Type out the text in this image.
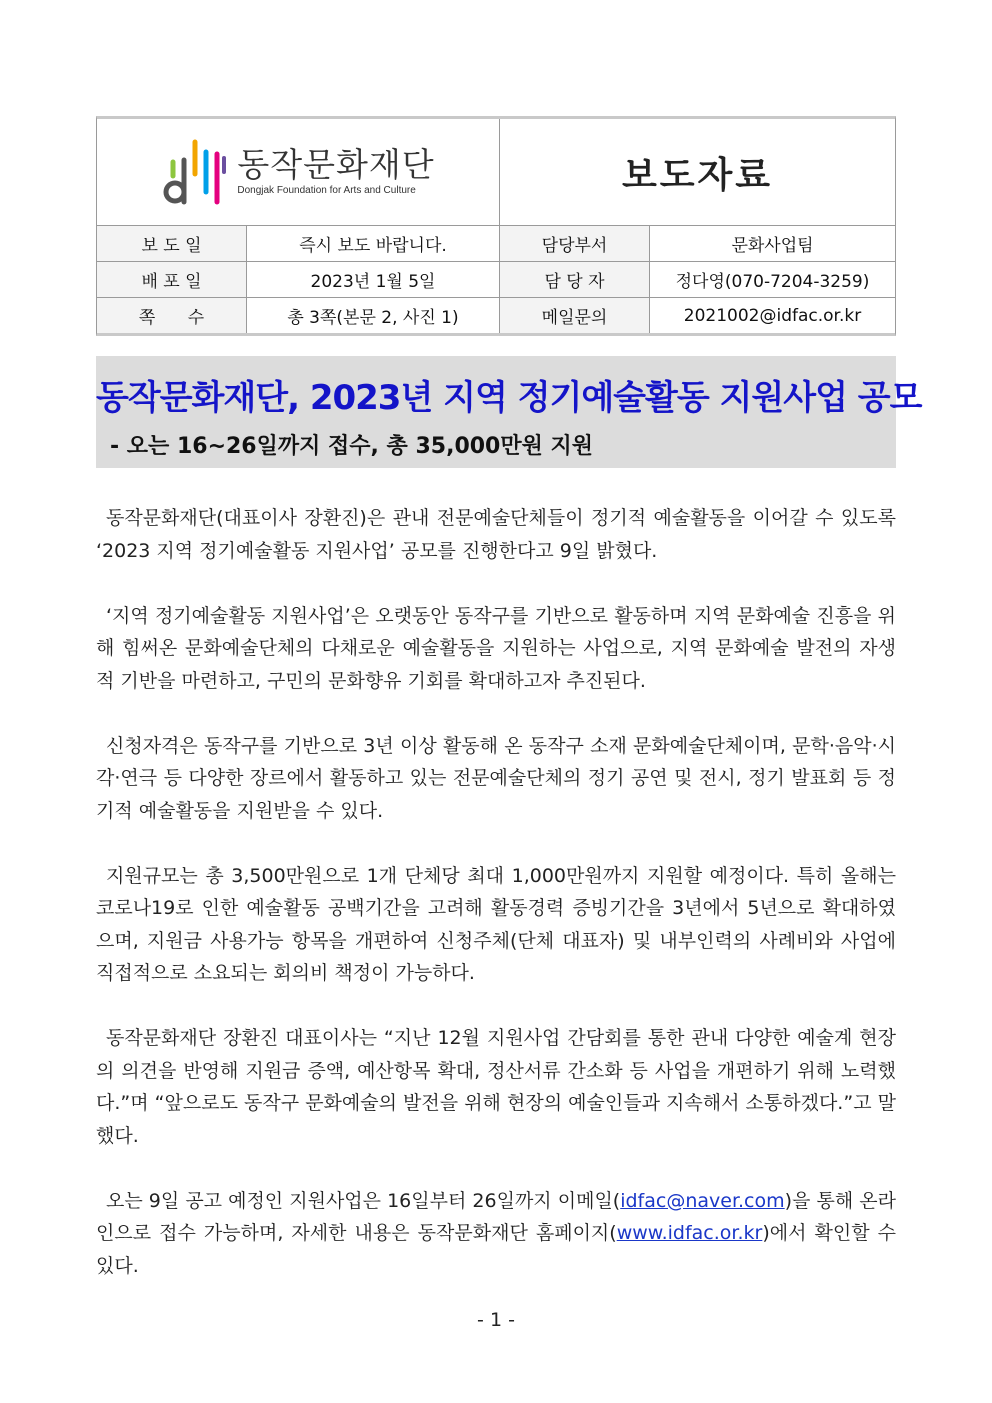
동작문화재단
Dongjak Foundation for Arts and Culture	보도자료
보 도 일	즉시 보도 바랍니다.	담당부서	문화사업팀
배 포 일	2023년 1월 5일	담 당 자	정다영(070-7204-3259)
쪽      수	총 3쪽(본문 2, 사진 1)	메일문의	2021002@idfac.or.kr
동작문화재단, 2023년 지역 정기예술활동 지원사업 공모
- 오는 16~26일까지 접수, 총 35,000만원 지원

동작문화재단(대표이사 장환진)은 관내 전문예술단체들이 정기적 예술활동을 이어갈 수 있도록 ‘2023 지역 정기예술활동 지원사업’ 공모를 진행한다고 9일 밝혔다.

‘지역 정기예술활동 지원사업’은 오랫동안 동작구를 기반으로 활동하며 지역 문화예술 진흥을 위해 힘써온 문화예술단체의 다채로운 예술활동을 지원하는 사업으로, 지역 문화예술 발전의 자생적 기반을 마련하고, 구민의 문화향유 기회를 확대하고자 추진된다.

신청자격은 동작구를 기반으로 3년 이상 활동해 온 동작구 소재 문화예술단체이며, 문학·음악·시각·연극 등 다양한 장르에서 활동하고 있는 전문예술단체의 정기 공연 및 전시, 정기 발표회 등 정기적 예술활동을 지원받을 수 있다.

지원규모는 총 3,500만원으로 1개 단체당 최대 1,000만원까지 지원할 예정이다. 특히 올해는 코로나19로 인한 예술활동 공백기간을 고려해 활동경력 증빙기간을 3년에서 5년으로 확대하였으며, 지원금 사용가능 항목을 개편하여 신청주체(단체 대표자) 및 내부인력의 사례비와 사업에 직접적으로 소요되는 회의비 책정이 가능하다.

동작문화재단 장환진 대표이사는 “지난 12월 지원사업 간담회를 통한 관내 다양한 예술계 현장의 의견을 반영해 지원금 증액, 예산항목 확대, 정산서류 간소화 등 사업을 개편하기 위해 노력했다.”며 “앞으로도 동작구 문화예술의 발전을 위해 현장의 예술인들과 지속해서 소통하겠다.”고 말했다.

오는 9일 공고 예정인 지원사업은 16일부터 26일까지 이메일(idfac@naver.com)을 통해 온라인으로 접수 가능하며, 자세한 내용은 동작문화재단 홈페이지(www.idfac.or.kr)에서 확인할 수 있다.

- 1 -
